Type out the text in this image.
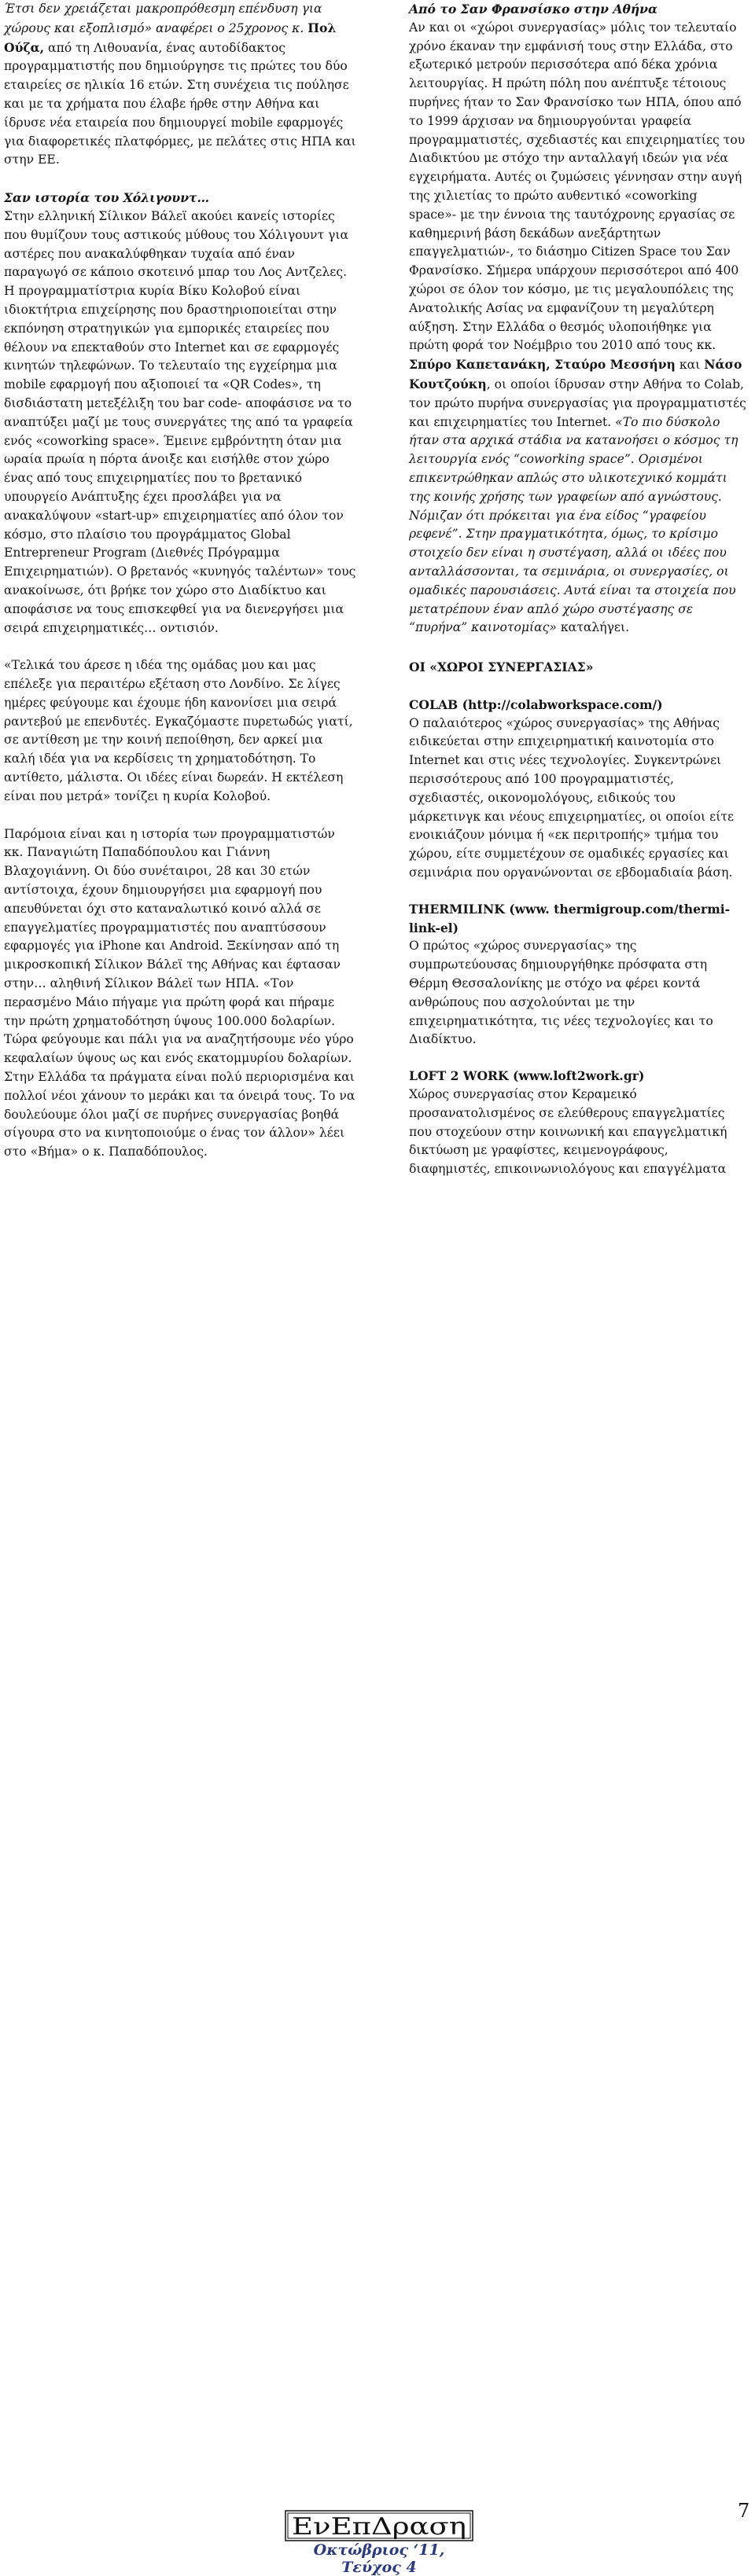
Έτσι δεν χρειάζεται μακροπρόθεσμη επένδυση για χώρους και εξοπλισμό» αναφέρει ο 25χρονος κ. Πολ Ούζα, από τη Λιθουανία, ένας αυτοδίδακτος προγραμματιστής που δημιούργησε τις πρώτες του δύο εταιρείες σε ηλικία 16 ετών. Στη συνέχεια τις πούλησε και με τα χρήματα που έλαβε ήρθε στην Αθήνα και ίδρυσε νέα εταιρεία που δημιουργεί mobile εφαρμογές για διαφορετικές πλατφόρμες, με πελάτες στις ΗΠΑ και στην ΕΕ.

Σαν ιστορία του Χόλιγουντ…

Στην ελληνική Σίλικον Βάλεϊ ακούει κανείς ιστορίες που θυμίζουν τους αστικούς μύθους του Χόλιγουντ για αστέρες που ανακαλύφθηκαν τυχαία από έναν παραγωγό σε κάποιο σκοτεινό μπαρ του Λος Αντζελες.

Η προγραμματίστρια κυρία Βίκυ Κολοβού είναι ιδιοκτήτρια επιχείρησης που δραστηριοποιείται στην εκπόνηση στρατηγικών για εμπορικές εταιρείες που θέλουν να επεκταθούν στο Internet και σε εφαρμογές κινητών τηλεφώνων. Το τελευταίο της εγχείρημα μια mobile εφαρμογή που αξιοποιεί τα «QR Codes», τη δισδιάστατη μετεξέλιξη του bar code- αποφάσισε να το αναπτύξει μαζί με τους συνεργάτες της από τα γραφεία ενός «coworking space». Έμεινε εμβρόντητη όταν μια ωραία πρωία η πόρτα άνοιξε και εισήλθε στον χώρο ένας από τους επιχειρηματίες που το βρετανικό υπουργείο Ανάπτυξης έχει προσλάβει για να ανακαλύψουν «start-up» επιχειρηματίες από όλον τον κόσμο, στο πλαίσιο του προγράμματος Global Entrepreneur Program (Διεθνές Πρόγραμμα Επιχειρηματιών). Ο βρετανός «κυνηγός ταλέντων» τους ανακοίνωσε, ότι βρήκε τον χώρο στο Διαδίκτυο και αποφάσισε να τους επισκεφθεί για να διενεργήσει μια σειρά επιχειρηματικές… οντισιόν.

«Τελικά του άρεσε η ιδέα της ομάδας μου και μας επέλεξε για περαιτέρω εξέταση στο Λονδίνο. Σε λίγες ημέρες φεύγουμε και έχουμε ήδη κανονίσει μια σειρά ραντεβού με επενδυτές. Εγκαζόμαστε πυρετωδώς γιατί, σε αντίθεση με την κοινή πεποίθηση, δεν αρκεί μια καλή ιδέα για να κερδίσεις τη χρηματοδότηση. Το αντίθετο, μάλιστα. Οι ιδέες είναι δωρεάν. Η εκτέλεση είναι που μετρά» τονίζει η κυρία Κολοβού.

Παρόμοια είναι και η ιστορία των προγραμματιστών κκ. Παναγιώτη Παπαδόπουλου και Γιάννη Βλαχογιάννη. Οι δύο συνέταιροι, 28 και 30 ετών αντίστοιχα, έχουν δημιουργήσει μια εφαρμογή που απευθύνεται όχι στο καταναλωτικό κοινό αλλά σε επαγγελματίες προγραμματιστές που αναπτύσσουν εφαρμογές για iPhone και Android. Ξεκίνησαν από τη μικροσκοπική Σίλικον Βάλεϊ της Αθήνας και έφτασαν στην… αληθινή Σίλικον Βάλεϊ των ΗΠΑ. «Τον περασμένο Μάιο πήγαμε για πρώτη φορά και πήραμε την πρώτη χρηματοδότηση ύψους 100.000 δολαρίων. Τώρα φεύγουμε και πάλι για να αναζητήσουμε νέο γύρο κεφαλαίων ύψους ως και ενός εκατομμυρίου δολαρίων. Στην Ελλάδα τα πράγματα είναι πολύ περιορισμένα και πολλοί νέοι χάνουν το μεράκι και τα όνειρά τους. Το να δουλεύουμε όλοι μαζί σε πυρήνες συνεργασίας βοηθά σίγουρα στο να κινητοποιούμε ο ένας τον άλλον» λέει στο «Βήμα» ο κ. Παπαδόπουλος.

Από το Σαν Φρανσίσκο στην Αθήνα

Αν και οι «χώροι συνεργασίας» μόλις τον τελευταίο χρόνο έκαναν την εμφάνισή τους στην Ελλάδα, στο εξωτερικό μετρούν περισσότερα από δέκα χρόνια λειτουργίας. Η πρώτη πόλη που ανέπτυξε τέτοιους πυρήνες ήταν το Σαν Φρανσίσκο των ΗΠΑ, όπου από το 1999 άρχισαν να δημιουργούνται γραφεία προγραμματιστές, σχεδιαστές και επιχειρηματίες του Διαδικτύου με στόχο την ανταλλαγή ιδεών για νέα εγχειρήματα. Αυτές οι ζυμώσεις γέννησαν στην αυγή της χιλιετίας το πρώτο αυθεντικό «coworking space»- με την έννοια της ταυτόχρονης εργασίας σε καθημερινή βάση δεκάδων ανεξάρτητων επαγγελματιών-, το διάσημο Citizen Space του Σαν Φρανσίσκο. Σήμερα υπάρχουν περισσότεροι από 400 χώροι σε όλον τον κόσμο, με τις μεγαλουπόλεις της Ανατολικής Ασίας να εμφανίζουν τη μεγαλύτερη αύξηση. Στην Ελλάδα ο θεσμός υλοποιήθηκε για πρώτη φορά τον Νοέμβριο του 2010 από τους κκ. Σπύρο Καπετανάκη, Σταύρο Μεσσήνη και Νάσο Κουτζούκη, οι οποίοι ίδρυσαν στην Αθήνα το Colab, τον πρώτο πυρήνα συνεργασίας για προγραμματιστές και επιχειρηματίες του Internet. «Το πιο δύσκολο ήταν στα αρχικά στάδια να κατανοήσει ο κόσμος τη λειτουργία ενός “coworking space”. Ορισμένοι επικεντρώθηκαν απλώς στο υλικοτεχνικό κομμάτι της κοινής χρήσης των γραφείων από αγνώστους. Νόμιζαν ότι πρόκειται για ένα είδος “γραφείου ρεφενέ”. Στην πραγματικότητα, όμως, το κρίσιμο στοιχείο δεν είναι η συστέγαση, αλλά οι ιδέες που ανταλλάσσονται, τα σεμινάρια, οι συνεργασίες, οι ομαδικές παρουσιάσεις. Αυτά είναι τα στοιχεία που μετατρέπουν έναν απλό χώρο συστέγασης σε “πυρήνα” καινοτομίας» καταλήγει.

ΟΙ «ΧΩΡΟΙ ΣΥΝΕΡΓΑΣΙΑΣ»

COLAB (http://colabworkspace.com/)

Ο παλαιότερος «χώρος συνεργασίας» της Αθήνας ειδικεύεται στην επιχειρηματική καινοτομία στο Internet και στις νέες τεχνολογίες. Συγκεντρώνει περισσότερους από 100 προγραμματιστές, σχεδιαστές, οικονομολόγους, ειδικούς του μάρκετινγκ και νέους επιχειρηματίες, οι οποίοι είτε ενοικιάζουν μόνιμα ή «εκ περιτροπής» τμήμα του χώρου, είτε συμμετέχουν σε ομαδικές εργασίες και σεμινάρια που οργανώνονται σε εβδομαδιαία βάση.

THERMILINK (www. thermigroup.com/thermi-link-el)

Ο πρώτος «χώρος συνεργασίας» της συμπρωτεύουσας δημιουργήθηκε πρόσφατα στη Θέρμη Θεσσαλονίκης με στόχο να φέρει κοντά ανθρώπους που ασχολούνται με την επιχειρηματικότητα, τις νέες τεχνολογίες και το Διαδίκτυο.

LOFT 2 WORK (www.loft2work.gr)

Χώρος συνεργασίας στον Κεραμεικό προσανατολισμένος σε ελεύθερους επαγγελματίες που στοχεύουν στην κοινωνική και επαγγελματική δικτύωση με γραφίστες, κειμενογράφους, διαφημιστές, επικοινωνιολόγους και επαγγέλματα

ΕνΕπΔραση
Οκτώβριος ‘11, Τεύχος 4
7
